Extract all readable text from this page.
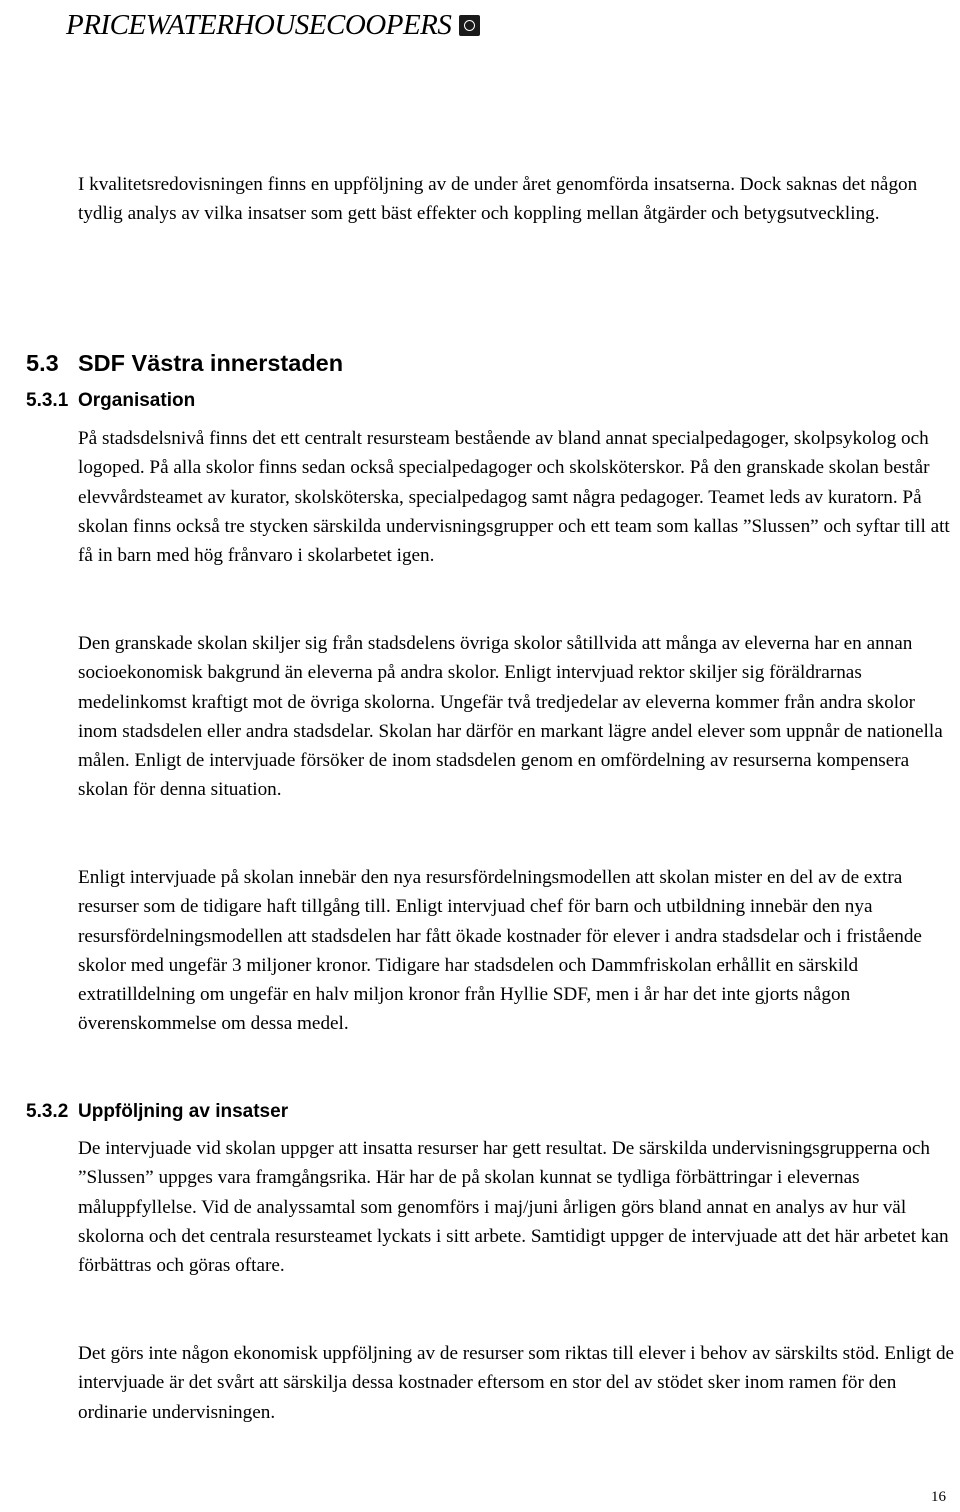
PRICEWATERHOUSECOOPERS

I kvalitetsredovisningen finns en uppföljning av de under året genomförda insatserna. Dock saknas det någon tydlig analys av vilka insatser som gett bäst effekter och koppling mellan åtgärder och betygsutveckling.

5.3 SDF Västra innerstaden
5.3.1 Organisation

På stadsdelsnivå finns det ett centralt resursteam bestående av bland annat specialpedagoger, skolpsykolog och logoped. På alla skolor finns sedan också specialpedagoger och skolsköterskor. På den granskade skolan består elevvårdsteamet av kurator, skolsköterska, specialpedagog samt några pedagoger. Teamet leds av kuratorn. På skolan finns också tre stycken särskilda undervisningsgrupper och ett team som kallas ”Slussen” och syftar till att få in barn med hög frånvaro i skolarbetet igen.

Den granskade skolan skiljer sig från stadsdelens övriga skolor såtillvida att många av eleverna har en annan socioekonomisk bakgrund än eleverna på andra skolor. Enligt intervjuad rektor skiljer sig föräldrarnas medelinkomst kraftigt mot de övriga skolorna. Ungefär två tredjedelar av eleverna kommer från andra skolor inom stadsdelen eller andra stadsdelar. Skolan har därför en markant lägre andel elever som uppnår de nationella målen. Enligt de intervjuade försöker de inom stadsdelen genom en omfördelning av resurserna kompensera skolan för denna situation.

Enligt intervjuade på skolan innebär den nya resursfördelningsmodellen att skolan mister en del av de extra resurser som de tidigare haft tillgång till. Enligt intervjuad chef för barn och utbildning innebär den nya resursfördelningsmodellen att stadsdelen har fått ökade kostnader för elever i andra stadsdelar och i fristående skolor med ungefär 3 miljoner kronor. Tidigare har stadsdelen och Dammfriskolan erhållit en särskild extratilldelning om ungefär en halv miljon kronor från Hyllie SDF, men i år har det inte gjorts någon överenskommelse om dessa medel.

5.3.2 Uppföljning av insatser

De intervjuade vid skolan uppger att insatta resurser har gett resultat. De särskilda undervisningsgrupperna och ”Slussen” uppges vara framgångsrika. Här har de på skolan kunnat se tydliga förbättringar i elevernas måluppfyllelse. Vid de analyssamtal som genomförs i maj/juni årligen görs bland annat en analys av hur väl skolorna och det centrala resursteamet lyckats i sitt arbete. Samtidigt uppger de intervjuade att det här arbetet kan förbättras och göras oftare.

Det görs inte någon ekonomisk uppföljning av de resurser som riktas till elever i behov av särskilts stöd. Enligt de intervjuade är det svårt att särskilja dessa kostnader eftersom en stor del av stödet sker inom ramen för den ordinarie undervisningen.

16
